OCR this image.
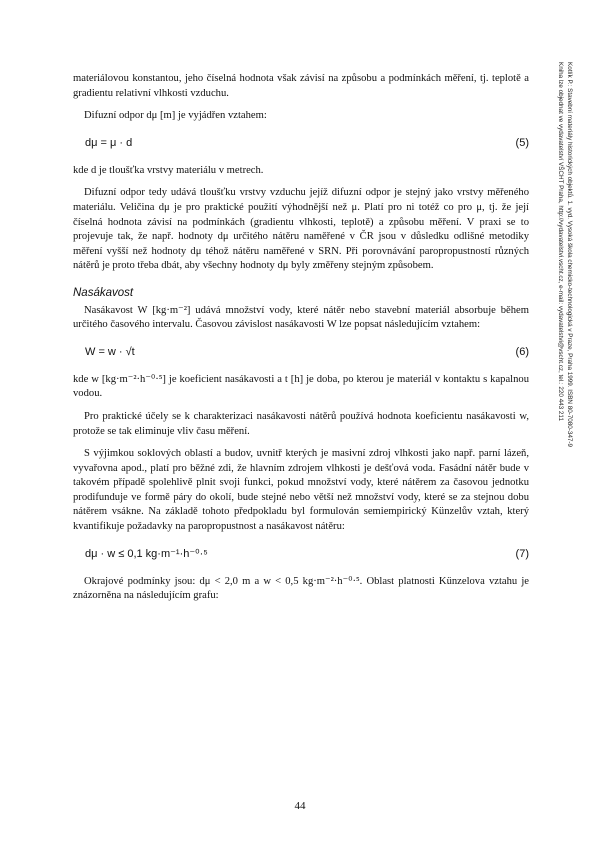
materiálovou konstantou, jeho číselná hodnota však závisí na způsobu a podmínkách měření, tj. teplotě a gradientu relativní vlhkosti vzduchu.

Difuzní odpor dμ [m] je vyjádřen vztahem:

dμ = μ · d	(5)

kde d je tloušťka vrstvy materiálu v metrech.

Difuzní odpor tedy udává tloušťku vrstvy vzduchu jejíž difuzní odpor je stejný jako vrstvy měřeného materiálu. Veličina dμ je pro praktické použití výhodnější než μ. Platí pro ni totéž co pro μ, tj. že její číselná hodnota závisí na podmínkách (gradientu vlhkosti, teplotě) a způsobu měření. V praxi se to projevuje tak, že např. hodnoty dμ určitého nátěru naměřené v ČR jsou v důsledku odlišné metodiky měření vyšší než hodnoty dμ téhož nátěru naměřené v SRN. Při porovnávání paropropustností různých nátěrů je proto třeba dbát, aby všechny hodnoty dμ byly změřeny stejným způsobem.

Nasákavost

Nasákavost W [kg·m⁻²] udává množství vody, které nátěr nebo stavební materiál absorbuje během určitého časového intervalu. Časovou závislost nasákavosti W lze popsat následujícím vztahem:

W = w · √t	(6)

kde w [kg·m⁻²·h⁻⁰·⁵] je koeficient nasákavosti a t [h] je doba, po kterou je materiál v kontaktu s kapalnou vodou.

Pro praktické účely se k charakterizaci nasákavosti nátěrů používá hodnota koeficientu nasákavosti w, protože se tak eliminuje vliv času měření.

S výjimkou soklových oblastí a budov, uvnitř kterých je masivní zdroj vlhkosti jako např. parní lázeň, vyvařovna apod., platí pro běžné zdi, že hlavním zdrojem vlhkosti je dešťová voda. Fasádní nátěr bude v takovém případě spolehlivě plnit svoji funkci, pokud množství vody, které nátěrem za časovou jednotku prodifunduje ve formě páry do okolí, bude stejné nebo větší než množství vody, které se za stejnou dobu nátěrem vsákne. Na základě tohoto předpokladu byl formulován semiempirický Künzelův vztah, který kvantifikuje požadavky na paropropustnost a nasákavost nátěru:

dμ · w ≤ 0,1 kg·m⁻¹·h⁻⁰·⁵	(7)

Okrajové podmínky jsou: dμ < 2,0 m a w < 0,5 kg·m⁻²·h⁻⁰·⁵. Oblast platnosti Künzelova vztahu je znázorněna na následujícím grafu:

Kotlík P.: Stavební materiály historických objektů. 1. vyd. Vysoká škola chemicko-technologická v Praze, Praha 1999. ISBN 80-7080-347-9
Kniha lze objednat ve vydavatelství VŠCHT Praha, http://vydavatelstvi.vscht.cz, e-mail: vydavatelstvi@vscht.cz, tel.: 220 443 211
44
